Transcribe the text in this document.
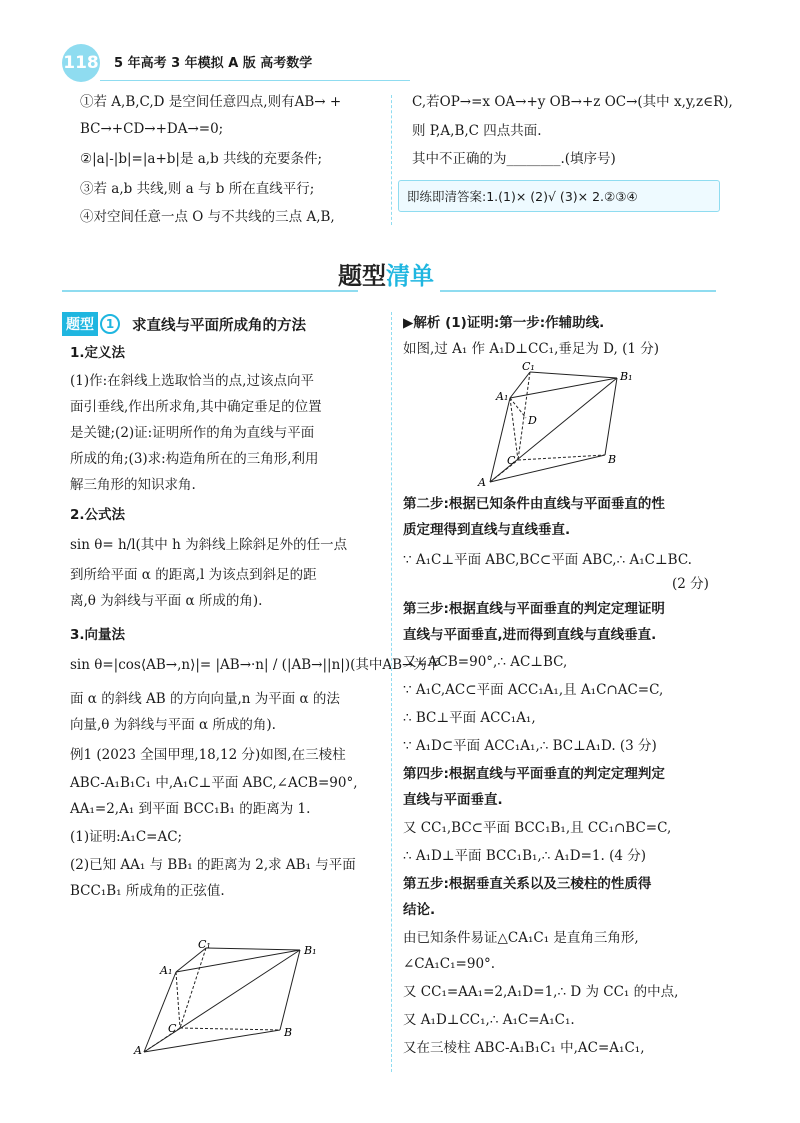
118 5 年高考 3 年模拟 A 版 高考数学
①若 A,B,C,D 是空间任意四点,则有AB→ +
BC→+CD→+DA→=0;
②|a|-|b|=|a+b|是 a,b 共线的充要条件;
③若 a,b 共线,则 a 与 b 所在直线平行;
④对空间任意一点 O 与不共线的三点 A,B,
C,若OP→=x OA→+y OB→+z OC→(其中 x,y,z∈R),
则 P,A,B,C 四点共面.
其中不正确的为________.(填序号)
即练即清答案:1.(1)× (2)√ (3)× 2.②③④
题型清单
题型 1	求直线与平面所成角的方法
1.定义法
(1)作:在斜线上选取恰当的点,过该点向平
面引垂线,作出所求角,其中确定垂足的位置
是关键;(2)证:证明所作的角为直线与平面
所成的角;(3)求:构造角所在的三角形,利用
解三角形的知识求角.
2.公式法
sin θ= h/l(其中 h 为斜线上除斜足外的任一点
到所给平面 α 的距离,l 为该点到斜足的距
离,θ 为斜线与平面 α 所成的角).
3.向量法
sin θ=|cos⟨AB→,n⟩|= |AB→·n| / (|AB→||n|)(其中AB→为平
面 α 的斜线 AB 的方向向量,n 为平面 α 的法
向量,θ 为斜线与平面 α 所成的角).
例1 (2023 全国甲理,18,12 分)如图,在三棱柱
ABC-A₁B₁C₁ 中,A₁C⊥平面 ABC,∠ACB=90°,
AA₁=2,A₁ 到平面 BCC₁B₁ 的距离为 1.
(1)证明:A₁C=AC;
(2)已知 AA₁ 与 BB₁ 的距离为 2,求 AB₁ 与平面
BCC₁B₁ 所成角的正弦值.
▶解析 (1)证明:第一步:作辅助线.
如图,过 A₁ 作 A₁D⊥CC₁,垂足为 D, (1 分)
第二步:根据已知条件由直线与平面垂直的性
质定理得到直线与直线垂直.
∵ A₁C⊥平面 ABC,BC⊂平面 ABC,∴ A₁C⊥BC.
(2 分)
第三步:根据直线与平面垂直的判定定理证明
直线与平面垂直,进而得到直线与直线垂直.
又∠ACB=90°,∴ AC⊥BC,
∵ A₁C,AC⊂平面 ACC₁A₁,且 A₁C∩AC=C,
∴ BC⊥平面 ACC₁A₁,
∵ A₁D⊂平面 ACC₁A₁,∴ BC⊥A₁D. (3 分)
第四步:根据直线与平面垂直的判定定理判定
直线与平面垂直.
又 CC₁,BC⊂平面 BCC₁B₁,且 CC₁∩BC=C,
∴ A₁D⊥平面 BCC₁B₁,∴ A₁D=1. (4 分)
第五步:根据垂直关系以及三棱柱的性质得
结论.
由已知条件易证△CA₁C₁ 是直角三角形,
∠CA₁C₁=90°.
又 CC₁=AA₁=2,A₁D=1,∴ D 为 CC₁ 的中点,
又 A₁D⊥CC₁,∴ A₁C=A₁C₁.
又在三棱柱 ABC-A₁B₁C₁ 中,AC=A₁C₁,
A
B
C
A₁
B₁
C₁
D
A
B
C
A₁
B₁
C₁
